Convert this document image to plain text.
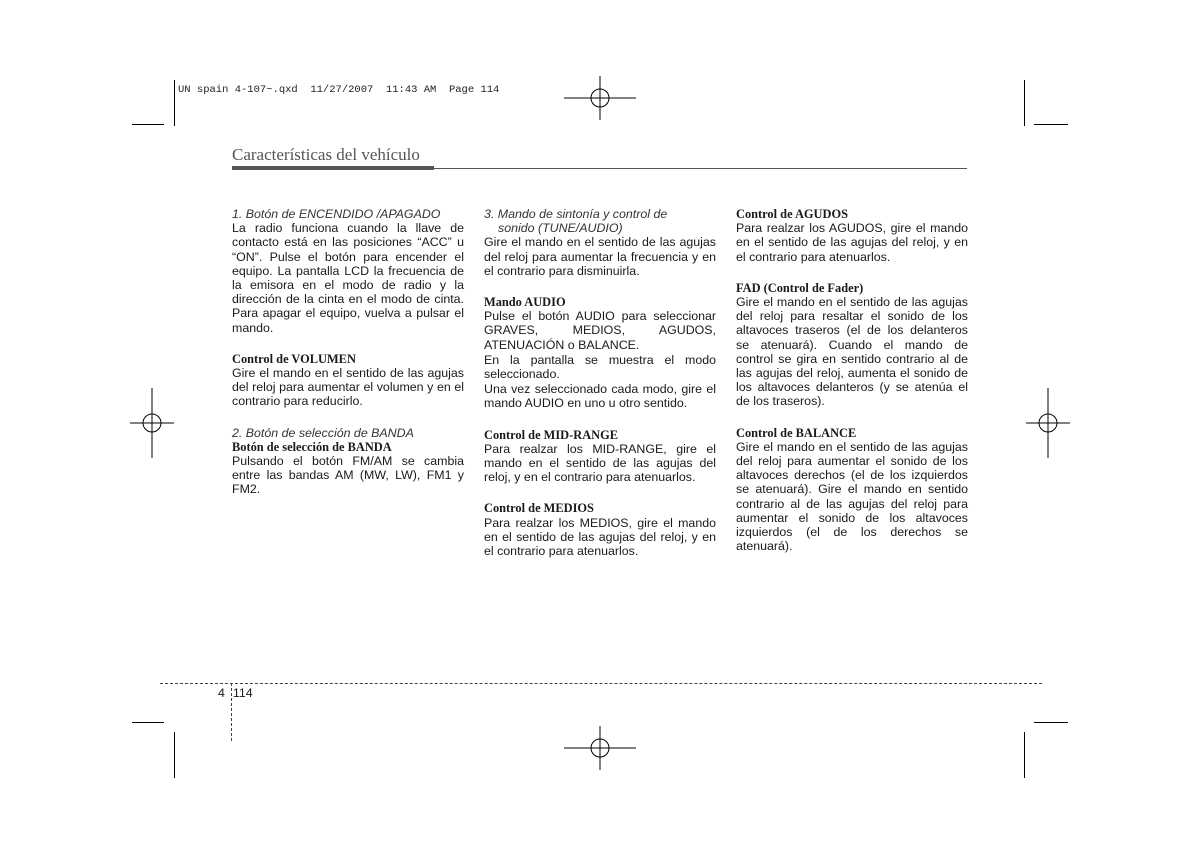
UN spain 4-107~.qxd  11/27/2007  11:43 AM  Page 114
Características del vehículo
1. Botón de ENCENDIDO /APAGADO

La radio funciona cuando la llave de contacto está en las posiciones “ACC” u “ON”. Pulse el botón para encender el equipo. La pantalla LCD la frecuencia de la emisora en el modo de radio y la dirección de la cinta en el modo de cinta. Para apagar el equipo, vuelva a pulsar el mando.

Control de VOLUMEN

Gire el mando en el sentido de las agujas del reloj para aumentar el volumen y en el contrario para reducirlo.

2. Botón de selección de BANDA
Botón de selección de BANDA

Pulsando el botón FM/AM se cambia entre las bandas AM (MW, LW), FM1 y FM2.

3. Mando de sintonía y control de
sonido (TUNE/AUDIO)

Gire el mando en el sentido de las agujas del reloj para aumentar la frecuencia y en el contrario para disminuirla.

Mando AUDIO

Pulse el botón AUDIO para seleccionar GRAVES, MEDIOS, AGUDOS, ATENUACIÓN o BALANCE.

En la pantalla se muestra el modo seleccionado.

Una vez seleccionado cada modo, gire el mando AUDIO en uno u otro sentido.

Control de MID-RANGE

Para realzar los MID-RANGE, gire el mando en el sentido de las agujas del reloj, y en el contrario para atenuarlos.

Control de MEDIOS

Para realzar los MEDIOS, gire el mando en el sentido de las agujas del reloj, y en el contrario para atenuarlos.

Control de AGUDOS

Para realzar los AGUDOS, gire el mando en el sentido de las agujas del reloj, y en el contrario para atenuarlos.

FAD (Control de Fader)

Gire el mando en el sentido de las agujas del reloj para resaltar el sonido de los altavoces traseros (el de los delanteros se atenuará). Cuando el mando de control se gira en sentido contrario al de las agujas del reloj, aumenta el sonido de los altavoces delanteros (y se atenúa el de los traseros).

Control de BALANCE

Gire el mando en el sentido de las agujas del reloj para aumentar el sonido de los altavoces derechos (el de los izquierdos se atenuará). Gire el mando en sentido contrario al de las agujas del reloj para aumentar el sonido de los altavoces izquierdos (el de los derechos se atenuará).

4 114
